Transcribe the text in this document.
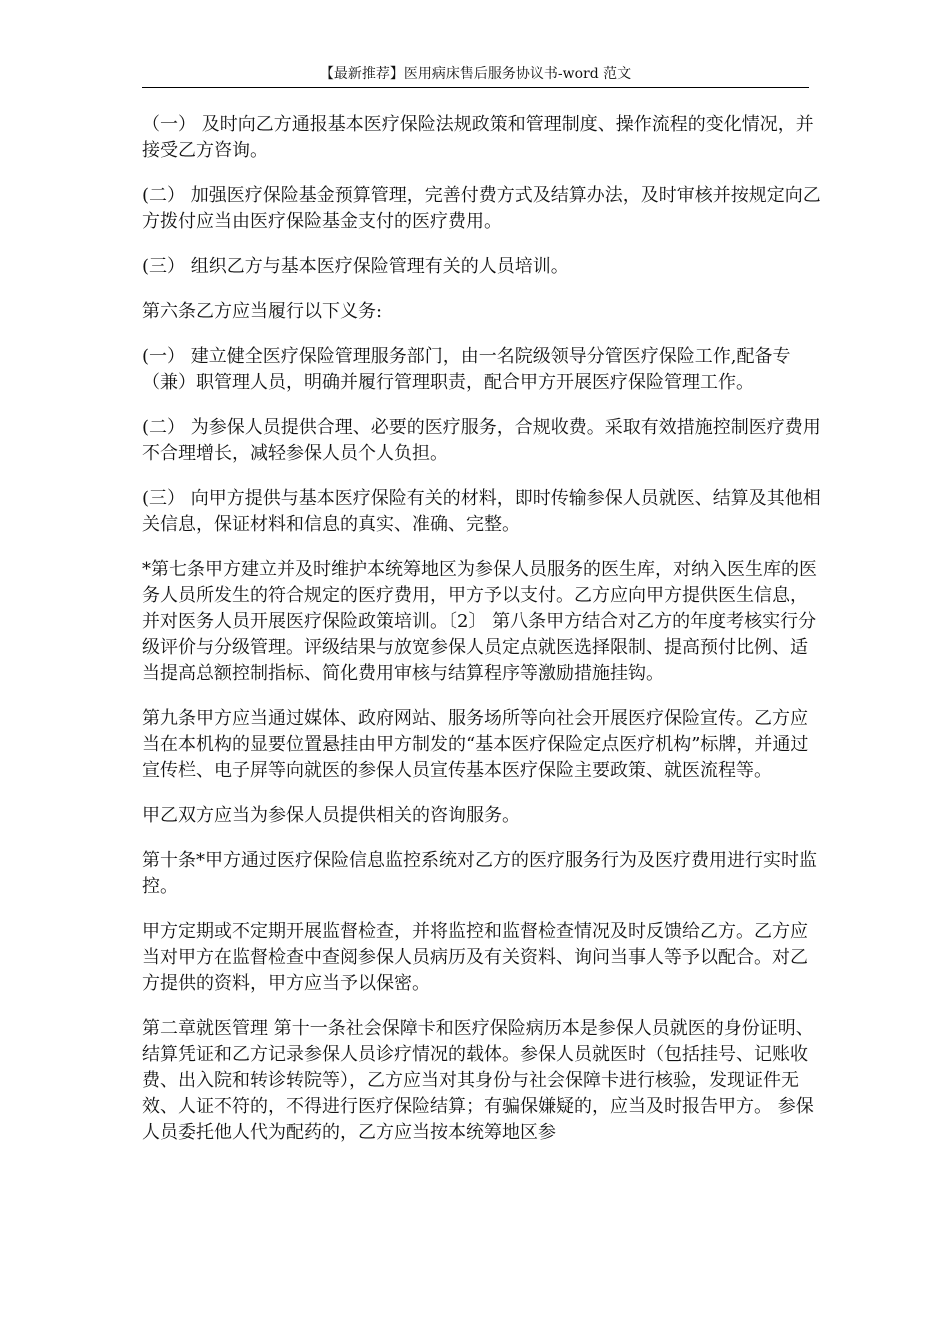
【最新推荐】医用病床售后服务协议书-word 范文

（一） 及时向乙方通报基本医疗保险法规政策和管理制度、操作流程的变化情况，并接受乙方咨询。

(二） 加强医疗保险基金预算管理，完善付费方式及结算办法，及时审核并按规定向乙方拨付应当由医疗保险基金支付的医疗费用。

(三） 组织乙方与基本医疗保险管理有关的人员培训。

第六条乙方应当履行以下义务:

(一） 建立健全医疗保险管理服务部门，由一名院级领导分管医疗保险工作,配备专（兼）职管理人员，明确并履行管理职责，配合甲方开展医疗保险管理工作。

(二） 为参保人员提供合理、必要的医疗服务，合规收费。采取有效措施控制医疗费用不合理增长，减轻参保人员个人负担。

(三） 向甲方提供与基本医疗保险有关的材料，即时传输参保人员就医、结算及其他相关信息，保证材料和信息的真实、准确、完整。

*第七条甲方建立并及时维护本统筹地区为参保人员服务的医生库，对纳入医生库的医务人员所发生的符合规定的医疗费用，甲方予以支付。乙方应向甲方提供医生信息，并对医务人员开展医疗保险政策培训。〔2〕 第八条甲方结合对乙方的年度考核实行分级评价与分级管理。评级结果与放宽参保人员定点就医选择限制、提高预付比例、适当提高总额控制指标、简化费用审核与结算程序等激励措施挂钩。

第九条甲方应当通过媒体、政府网站、服务场所等向社会开展医疗保险宣传。乙方应当在本机构的显要位置悬挂由甲方制发的“基本医疗保险定点医疗机构”标牌，并通过宣传栏、电子屏等向就医的参保人员宣传基本医疗保险主要政策、就医流程等。

甲乙双方应当为参保人员提供相关的咨询服务。

第十条*甲方通过医疗保险信息监控系统对乙方的医疗服务行为及医疗费用进行实时监控。

甲方定期或不定期开展监督检查，并将监控和监督检查情况及时反馈给乙方。乙方应当对甲方在监督检查中查阅参保人员病历及有关资料、询问当事人等予以配合。对乙方提供的资料，甲方应当予以保密。

第二章就医管理 第十一条社会保障卡和医疗保险病历本是参保人员就医的身份证明、结算凭证和乙方记录参保人员诊疗情况的载体。参保人员就医时（包括挂号、记账收费、出入院和转诊转院等），乙方应当对其身份与社会保障卡进行核验，发现证件无效、人证不符的，不得进行医疗保险结算；有骗保嫌疑的，应当及时报告甲方。 参保人员委托他人代为配药的，乙方应当按本统筹地区参
